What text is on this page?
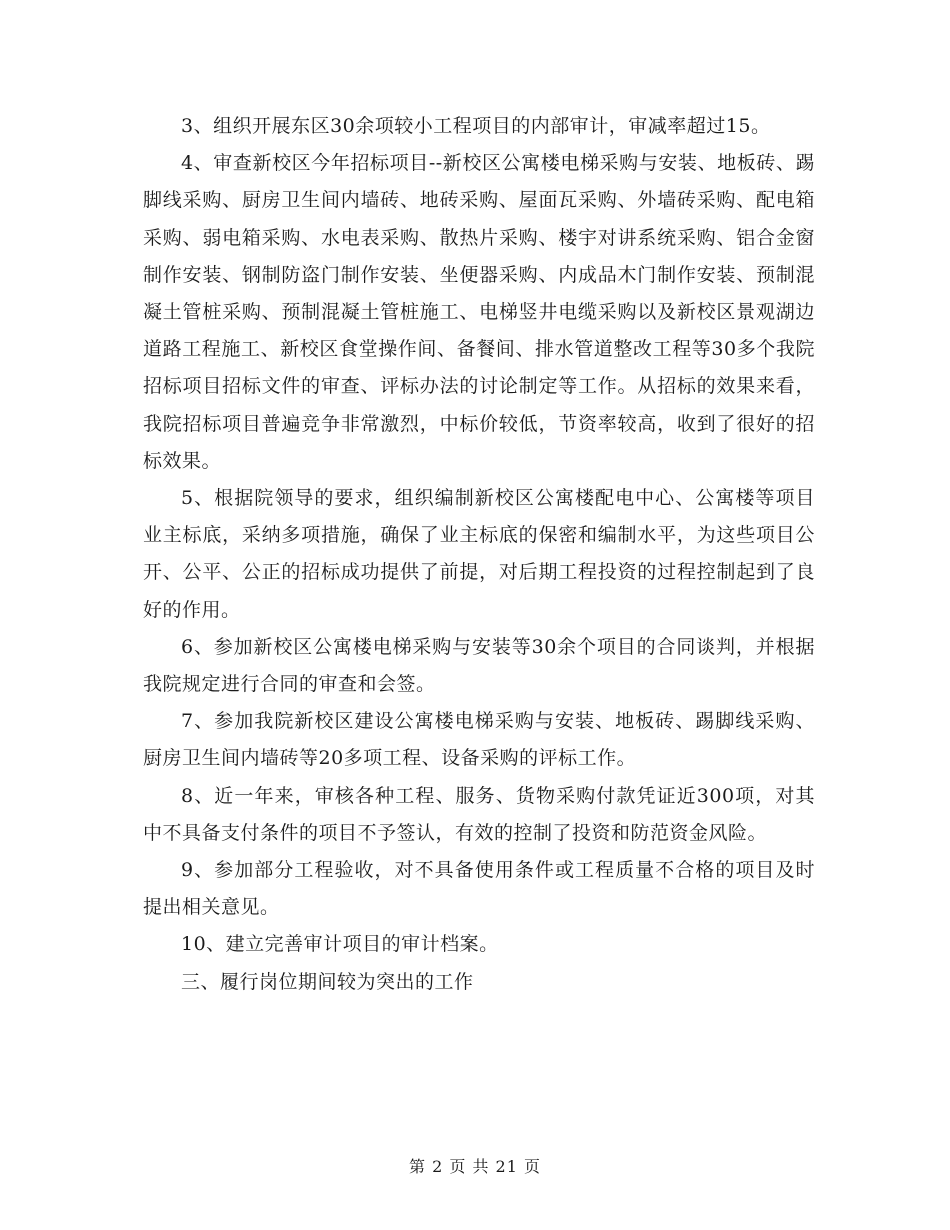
3、组织开展东区30余项较小工程项目的内部审计，审减率超过15。

4、审查新校区今年招标项目--新校区公寓楼电梯采购与安装、地板砖、踢脚线采购、厨房卫生间内墙砖、地砖采购、屋面瓦采购、外墙砖采购、配电箱采购、弱电箱采购、水电表采购、散热片采购、楼宇对讲系统采购、铝合金窗制作安装、钢制防盗门制作安装、坐便器采购、内成品木门制作安装、预制混凝土管桩采购、预制混凝土管桩施工、电梯竖井电缆采购以及新校区景观湖边道路工程施工、新校区食堂操作间、备餐间、排水管道整改工程等30多个我院招标项目招标文件的审查、评标办法的讨论制定等工作。从招标的效果来看，我院招标项目普遍竞争非常激烈，中标价较低，节资率较高，收到了很好的招标效果。

5、根据院领导的要求，组织编制新校区公寓楼配电中心、公寓楼等项目业主标底，采纳多项措施，确保了业主标底的保密和编制水平，为这些项目公开、公平、公正的招标成功提供了前提，对后期工程投资的过程控制起到了良好的作用。

6、参加新校区公寓楼电梯采购与安装等30余个项目的合同谈判，并根据我院规定进行合同的审查和会签。

7、参加我院新校区建设公寓楼电梯采购与安装、地板砖、踢脚线采购、厨房卫生间内墙砖等20多项工程、设备采购的评标工作。

8、近一年来，审核各种工程、服务、货物采购付款凭证近300项，对其中不具备支付条件的项目不予签认，有效的控制了投资和防范资金风险。

9、参加部分工程验收，对不具备使用条件或工程质量不合格的项目及时提出相关意见。

10、建立完善审计项目的审计档案。

三、履行岗位期间较为突出的工作

第 2 页 共 21 页
